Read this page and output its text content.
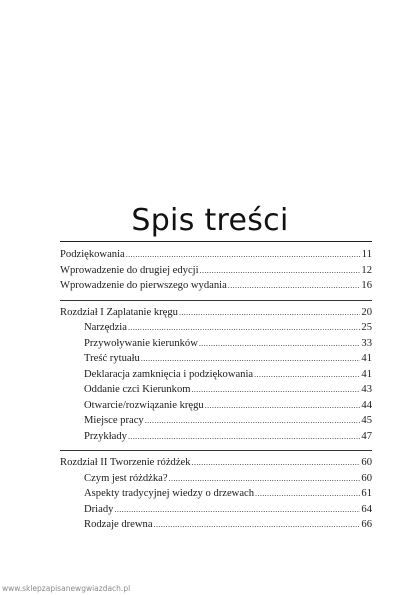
Spis treści
Podziękowania .....	11
Wprowadzenie do drugiej edycji .....	12
Wprowadzenie do pierwszego wydania .....	16
Rozdział I Zaplatanie kręgu .....	20
Narzędzia .....	25
Przywoływanie kierunków .....	33
Treść rytuału .....	41
Deklaracja zamknięcia i podziękowania .....	41
Oddanie czci Kierunkom .....	43
Otwarcie/rozwiązanie kręgu .....	44
Miejsce pracy .....	45
Przykłady .....	47
Rozdział II Tworzenie różdżek .....	60
Czym jest różdżka? .....	60
Aspekty tradycyjnej wiedzy o drzewach .....	61
Driady .....	64
Rodzaje drewna .....	66
www.sklepzapisanewgwiazdach.pl
